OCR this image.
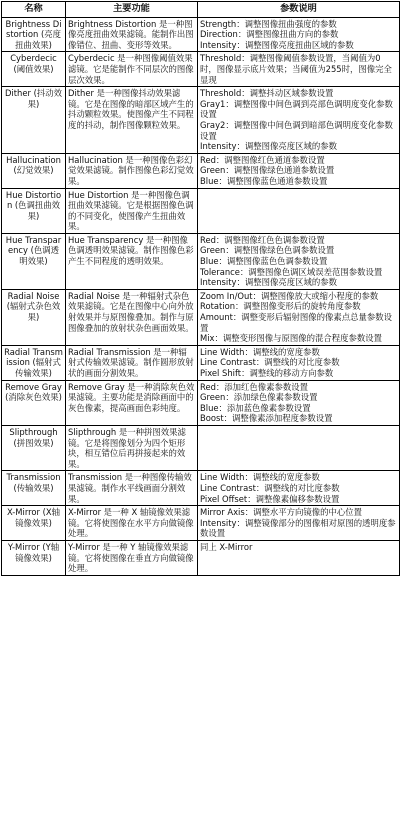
名称	主要功能	参数说明
Brightness Distortion (亮度扭曲效果)	Brightness Distortion 是一种图像亮度扭曲效果滤镜。能制作出图像错位、扭曲、变形等效果。	Strength：调整图像扭曲强度的参数
Direction：调整图像扭曲方向的参数
Intensity：调整图像亮度扭曲区域的参数

Cyberdecic (阈值效果)	Cyberdecic 是一种图像阈值效果滤镜。它是能制作不同层次的图像层次效果。	Threshold：调整图像阈值参数设置，当阈值为0时，图像显示底片效果；当阈值为255时，图像完全显现

Dither (抖动效果)	Dither 是一种图像抖动效果滤镜。它是在图像的暗部区域产生的抖动颗粒效果。使图像产生不同程度的抖动，制作图像颗粒效果。	Threshold：调整抖动区域参数设置
Gray1：调整图像中间色调到亮部色调明度变化参数设置
Gray2：调整图像中间色调到暗部色调明度变化参数设置
Intensity：调整图像亮度区域的参数

Hallucination (幻觉效果)	Hallucination 是一种图像色彩幻觉效果滤镜。制作图像色彩幻觉效果。	Red：调整图像红色通道参数设置
Green：调整图像绿色通道参数设置
Blue：调整图像蓝色通道参数设置

Hue Distortion (色调扭曲效果)	Hue Distortion 是一种图像色调扭曲效果滤镜。它是根据图像色调的不同变化，使图像产生扭曲效果。	
Hue Transparency (色调透明效果)	Hue Transparency 是一种图像色调透明效果滤镜。制作图像色彩产生不同程度的透明效果。	Red：调整图像红色色调参数设置
Green：调整图像绿色色调参数设置
Blue：调整图像蓝色色调参数设置
Tolerance：调整图像色调区域误差范围参数设置
Intensity：调整图像亮度区域的参数

Radial Noise (辐射式杂色效果)	Radial Noise 是一种辐射式杂色效果滤镜。它是在图像中心向外放射效果并与原图像叠加。制作与原图像叠加的放射状杂色画面效果。	Zoom In/Out：调整图像放大或缩小程度的参数
Rotation：调整图像变形后的旋转角度参数
Amount：调整变形后辐射图像的像素点总量参数设置
Mix：调整变形图像与原图像的混合程度参数设置

Radial Transmission (辐射式传输效果)	Radial Transmission 是一种辐射式传输效果滤镜。制作圆形放射状的画面分割效果。	Line Width：调整线的宽度参数
Line Contrast：调整线的对比度参数
Pixel Shift：调整线的移动方向参数

Remove Gray (消除灰色效果)	Remove Gray 是一种消除灰色效果滤镜。主要功能是消除画面中的灰色像素，提高画面色彩纯度。	Red：添加红色像素参数设置
Green：添加绿色像素参数设置
Blue：添加蓝色像素参数设置
Boost：调整像素添加程度参数设置

Slipthrough (拼图效果)	Slipthrough 是一种拼图效果滤镜。它是将图像划分为四个矩形块，相互错位后再拼接起来的效果。	
Transmission (传输效果)	Transmission 是一种图像传输效果滤镜。制作水平线画面分割效果。	Line Width：调整线的宽度参数
Line Contrast：调整线的对比度参数
Pixel Offset：调整像素偏移参数设置

X-Mirror (X轴镜像效果)	X-Mirror 是一种 X 轴镜像效果滤镜。它将使图像在水平方向做镜像处理。	Mirror Axis：调整水平方向镜像的中心位置
Intensity：调整镜像部分的图像相对原图的透明度参数设置

Y-Mirror (Y轴镜像效果)	Y-Mirror 是一种 Y 轴镜像效果滤镜。它将使图像在垂直方向做镜像处理。	同上 X-Mirror
